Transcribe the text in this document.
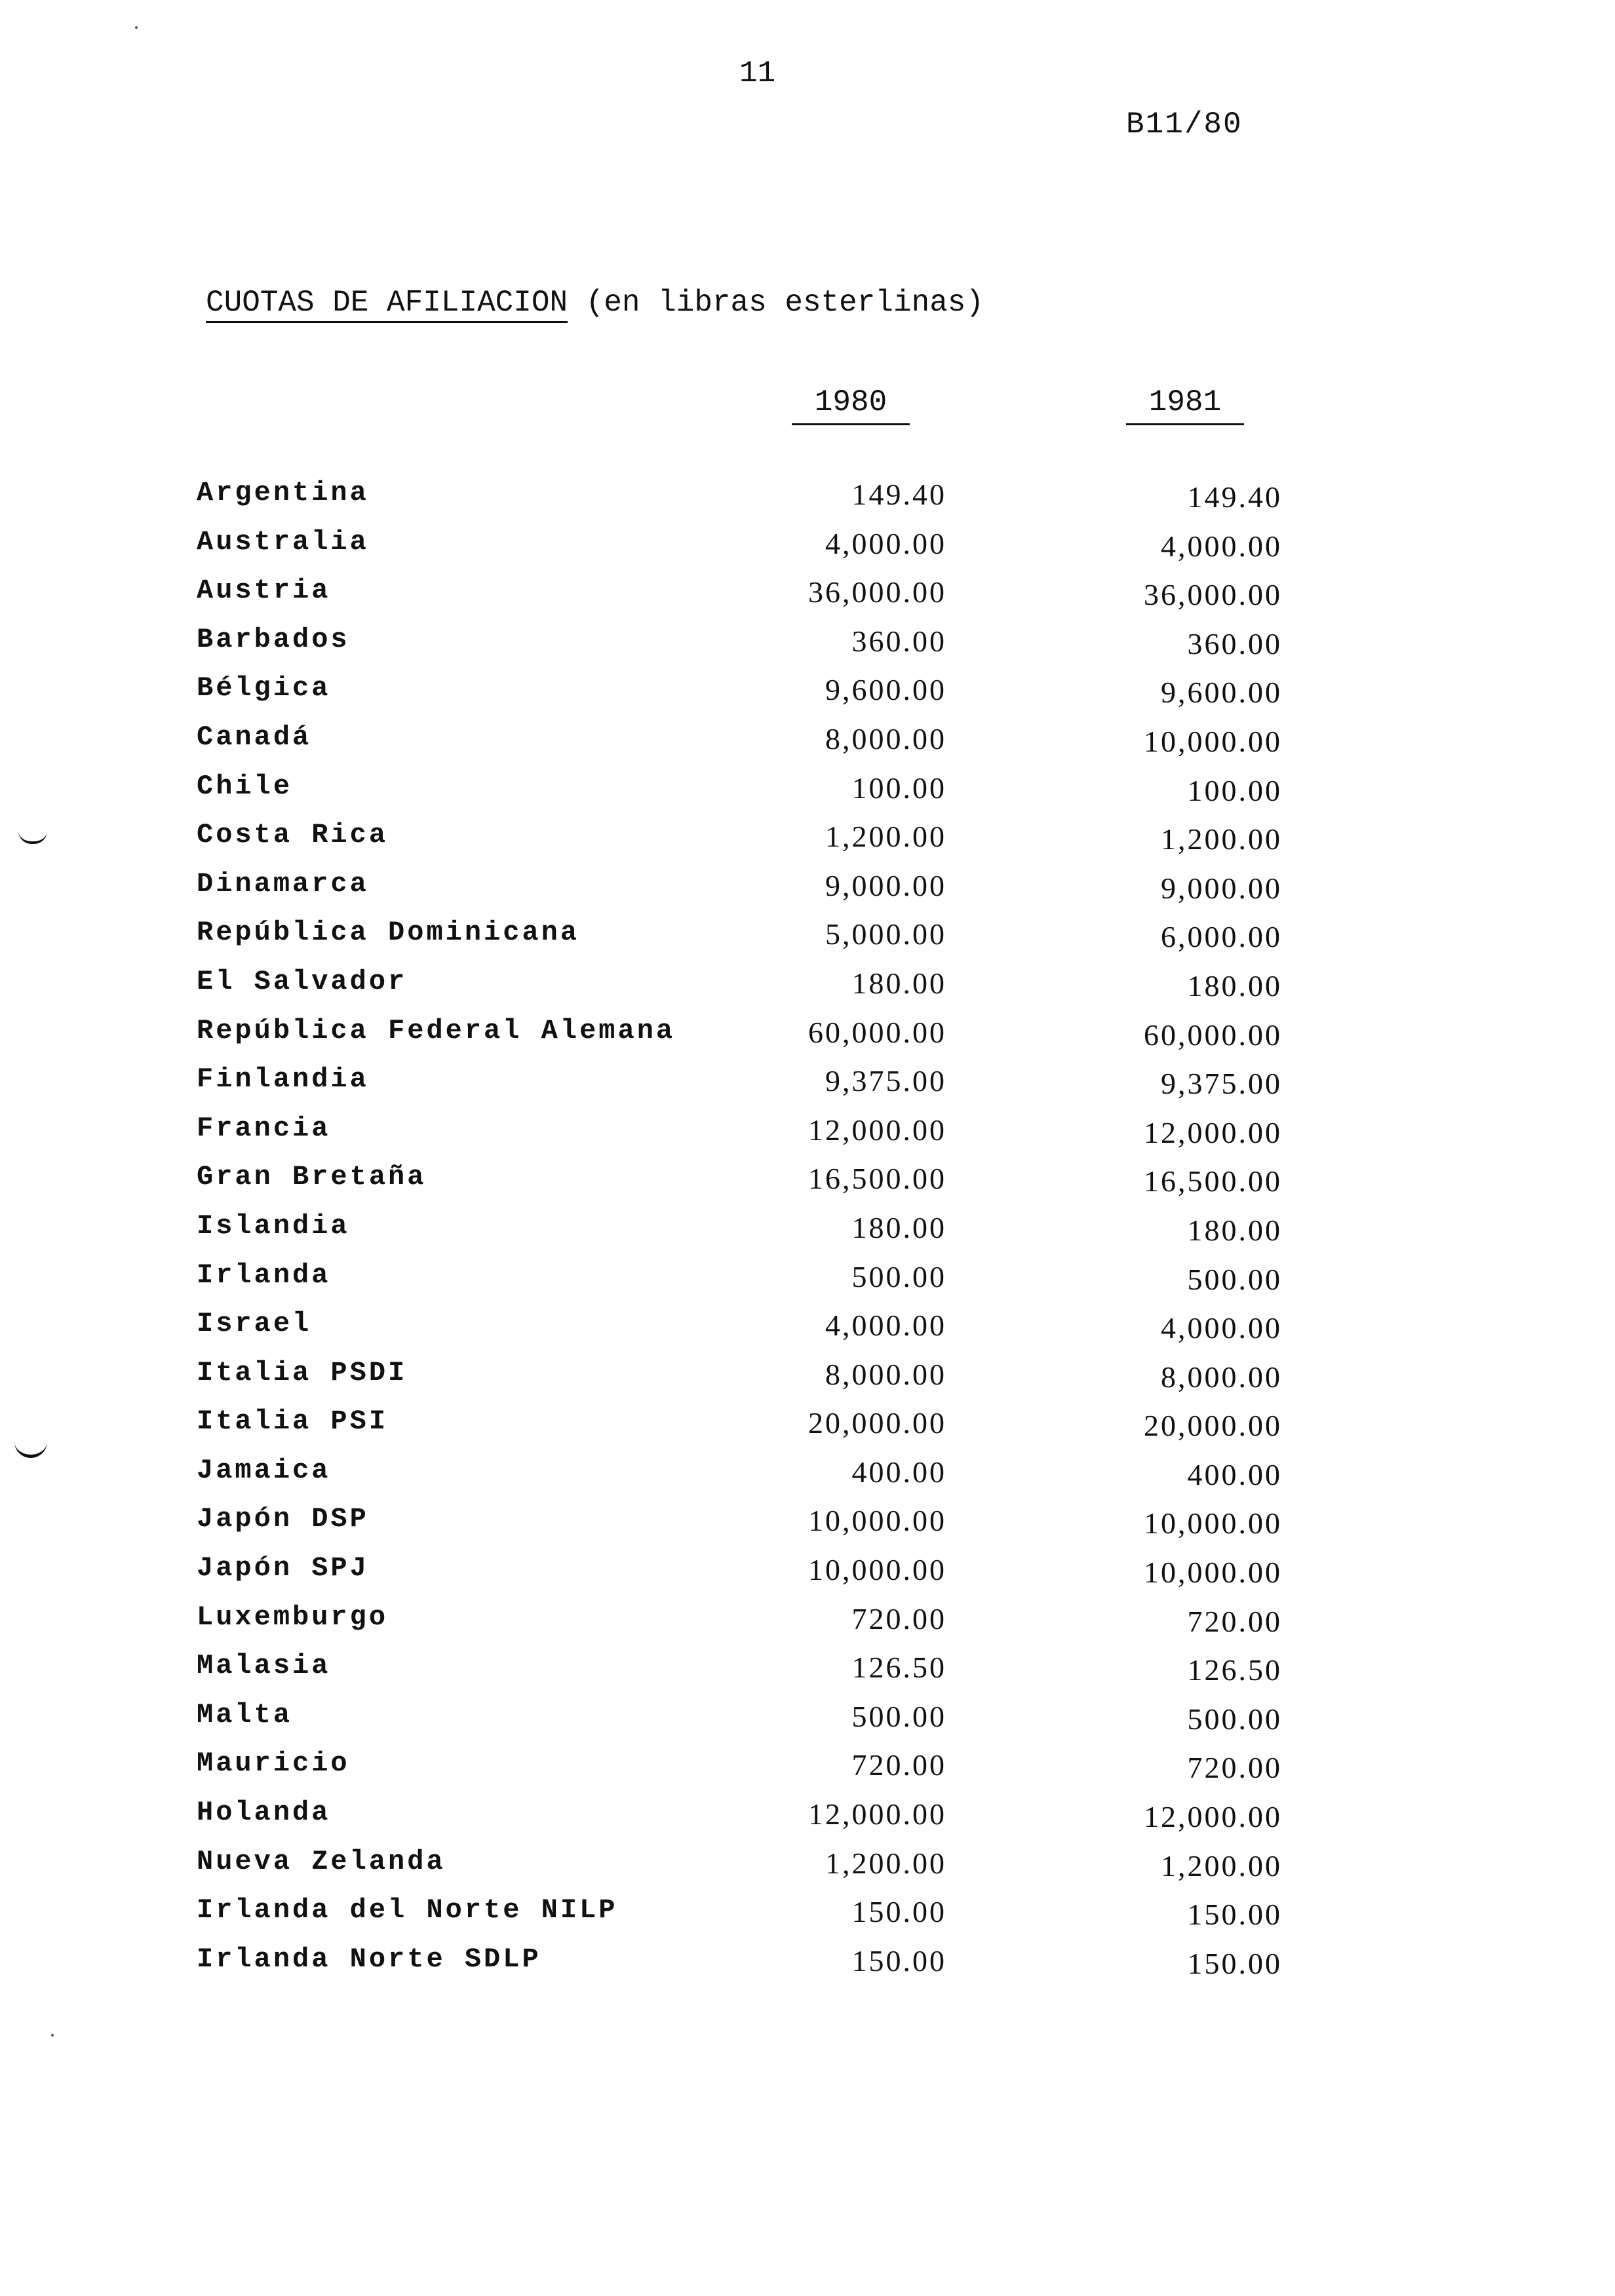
11
B11/80
CUOTAS DE AFILIACION (en libras esterlinas)
1980	1981
Argentina	149.40	149.40
Australia	4,000.00	4,000.00
Austria	36,000.00	36,000.00
Barbados	360.00	360.00
Bélgica	9,600.00	9,600.00
Canadá	8,000.00	10,000.00
Chile	100.00	100.00
Costa Rica	1,200.00	1,200.00
Dinamarca	9,000.00	9,000.00
República Dominicana	5,000.00	6,000.00
El Salvador	180.00	180.00
República Federal Alemana	60,000.00	60,000.00
Finlandia	9,375.00	9,375.00
Francia	12,000.00	12,000.00
Gran Bretaña	16,500.00	16,500.00
Islandia	180.00	180.00
Irlanda	500.00	500.00
Israel	4,000.00	4,000.00
Italia PSDI	8,000.00	8,000.00
Italia PSI	20,000.00	20,000.00
Jamaica	400.00	400.00
Japón DSP	10,000.00	10,000.00
Japón SPJ	10,000.00	10,000.00
Luxemburgo	720.00	720.00
Malasia	126.50	126.50
Malta	500.00	500.00
Mauricio	720.00	720.00
Holanda	12,000.00	12,000.00
Nueva Zelanda	1,200.00	1,200.00
Irlanda del Norte NILP	150.00	150.00
Irlanda Norte SDLP	150.00	150.00
